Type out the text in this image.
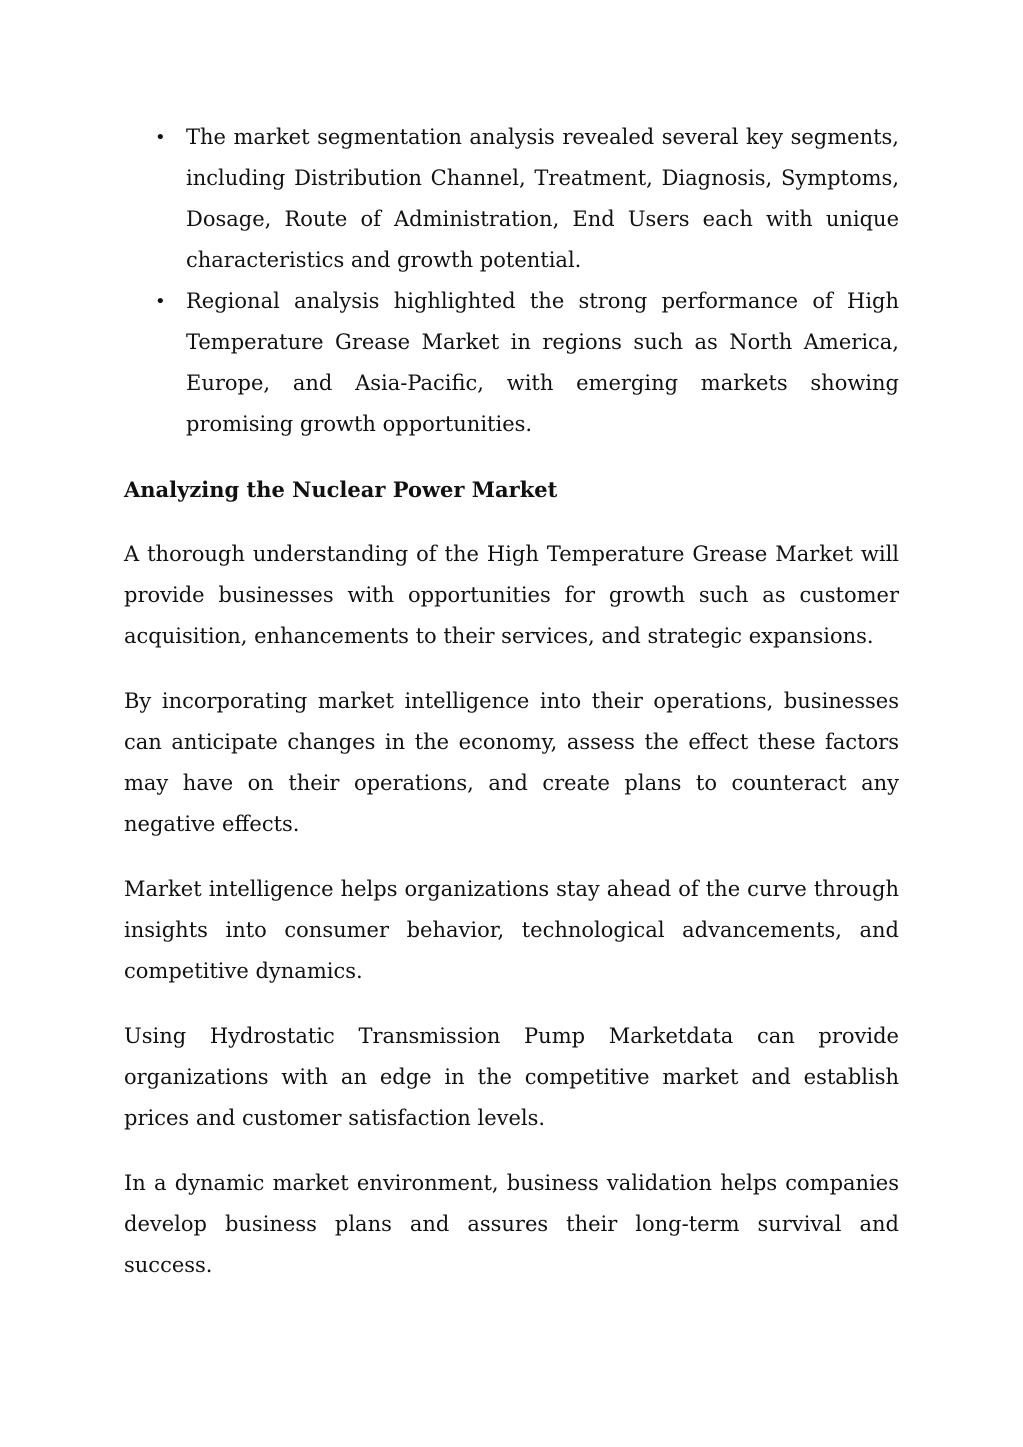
• The market segmentation analysis revealed several key segments, including Distribution Channel, Treatment, Diagnosis, Symptoms, Dosage, Route of Administration, End Users each with unique characteristics and growth potential.
• Regional analysis highlighted the strong performance of High Temperature Grease Market in regions such as North America, Europe, and Asia-Pacific, with emerging markets showing promising growth opportunities.
Analyzing the Nuclear Power Market

A thorough understanding of the High Temperature Grease Market will provide businesses with opportunities for growth such as customer acquisition, enhancements to their services, and strategic expansions.

By incorporating market intelligence into their operations, businesses can anticipate changes in the economy, assess the effect these factors may have on their operations, and create plans to counteract any negative effects.

Market intelligence helps organizations stay ahead of the curve through insights into consumer behavior, technological advancements, and competitive dynamics.

Using Hydrostatic Transmission Pump Marketdata can provide organizations with an edge in the competitive market and establish prices and customer satisfaction levels.

In a dynamic market environment, business validation helps companies develop business plans and assures their long-term survival and success.
